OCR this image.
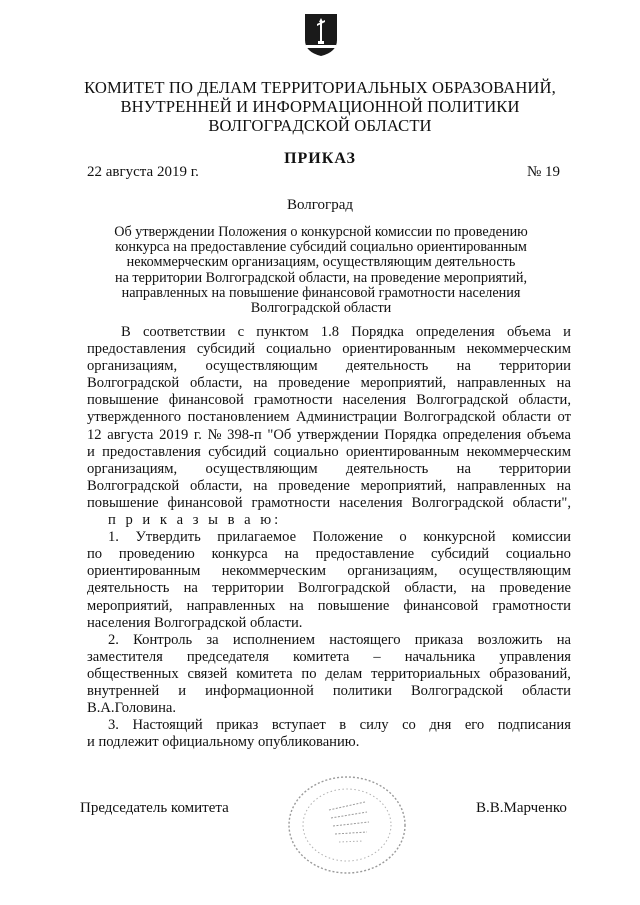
КОМИТЕТ ПО ДЕЛАМ ТЕРРИТОРИАЛЬНЫХ ОБРАЗОВАНИЙ,
ВНУТРЕННЕЙ И ИНФОРМАЦИОННОЙ ПОЛИТИКИ
ВОЛГОГРАДСКОЙ ОБЛАСТИ
ПРИКАЗ
22 августа 2019 г.	№ 19
Волгоград
Об утверждении Положения о конкурсной комиссии по проведению
конкурса на предоставление субсидий социально ориентированным
некоммерческим организациям, осуществляющим деятельность
на территории Волгоградской области, на проведение мероприятий,
направленных на повышение финансовой грамотности населения
Волгоградской области
В соответствии с пунктом 1.8 Порядка определения объема и
предоставления субсидий социально ориентированным некоммерческим
организациям, осуществляющим деятельность на территории
Волгоградской области, на проведение мероприятий, направленных на
повышение финансовой грамотности населения Волгоградской области,
утвержденного постановлением Администрации Волгоградской области от
12 августа 2019 г. № 398-п "Об утверждении Порядка определения объема
и предоставления субсидий социально ориентированным некоммерческим
организациям, осуществляющим деятельность на территории
Волгоградской области, на проведение мероприятий, направленных на
повышение финансовой грамотности населения Волгоградской области",
п р и к а з ы в а ю:
1. Утвердить прилагаемое Положение о конкурсной комиссии
по проведению конкурса на предоставление субсидий социально
ориентированным некоммерческим организациям, осуществляющим
деятельность на территории Волгоградской области, на проведение
мероприятий, направленных на повышение финансовой грамотности
населения Волгоградской области.
2. Контроль за исполнением настоящего приказа возложить на
заместителя председателя комитета – начальника управления
общественных связей комитета по делам территориальных образований,
внутренней и информационной политики Волгоградской области
В.А.Головина.
3. Настоящий приказ вступает в силу со дня его подписания
и подлежит официальному опубликованию.
Председатель комитета	В.В.Марченко
